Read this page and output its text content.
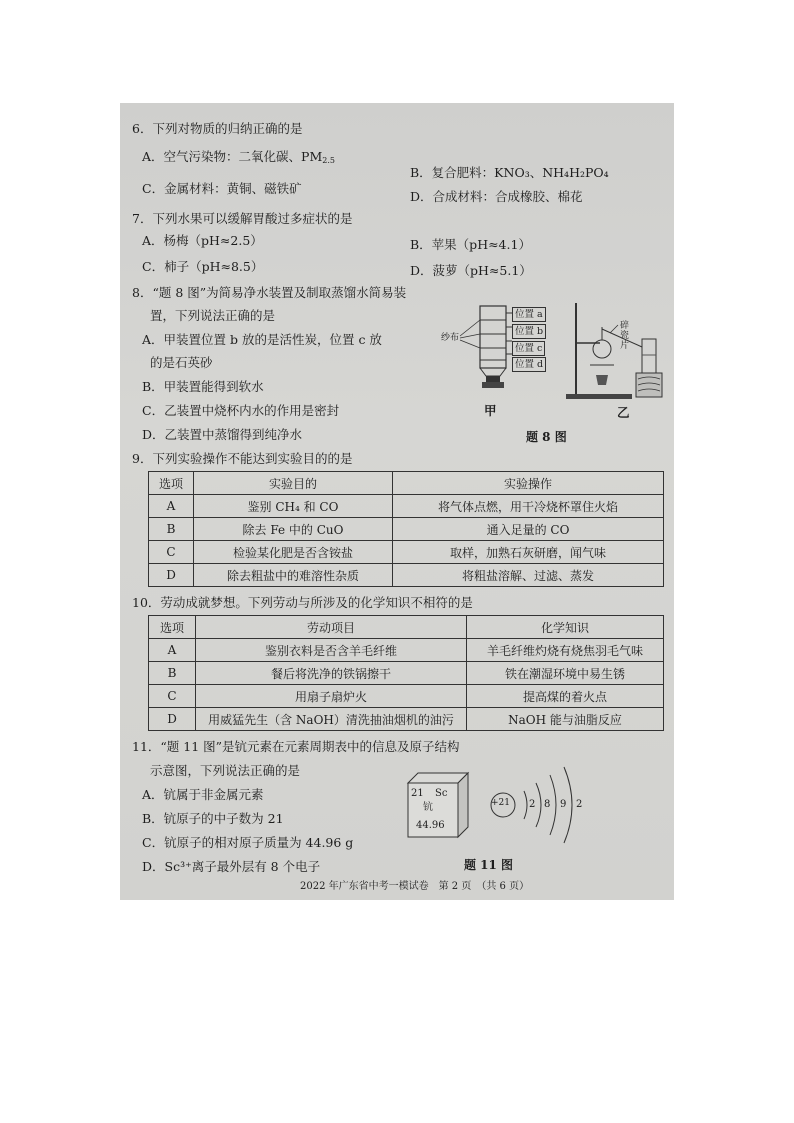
6．下列对物质的归纳正确的是
A．空气污染物：二氧化碳、$PM_{2.5}$
B．复合肥料：KNO₃、NH₄H₂PO₄
C．金属材料：黄铜、磁铁矿
D．合成材料：合成橡胶、棉花
7．下列水果可以缓解胃酸过多症状的是
A．杨梅（pH≈2.5）	B．苹果（pH≈4.1）
C．柿子（pH≈8.5）	D．菠萝（pH≈5.1）
8．“题 8 图”为简易净水装置及制取蒸馏水简易装
置，下列说法正确的是
A．甲装置位置 b 放的是活性炭，位置 c 放
的是石英砂
B．甲装置能得到软水
C．乙装置中烧杯内水的作用是密封
D．乙装置中蒸馏得到纯净水
纱布
位置 a
位置 b
位置 c
位置 d
碎瓷片
甲	乙
题 8 图
9．下列实验操作不能达到实验目的的是
选项	实验目的	实验操作
A	鉴别 CH₄ 和 CO	将气体点燃，用干冷烧杯罩住火焰
B	除去 Fe 中的 CuO	通入足量的 CO
C	检验某化肥是否含铵盐	取样，加熟石灰研磨，闻气味
D	除去粗盐中的难溶性杂质	将粗盐溶解、过滤、蒸发
10．劳动成就梦想。下列劳动与所涉及的化学知识不相符的是
选项	劳动项目	化学知识
A	鉴别衣料是否含羊毛纤维	羊毛纤维灼烧有烧焦羽毛气味
B	餐后将洗净的铁锅擦干	铁在潮湿环境中易生锈
C	用扇子扇炉火	提高煤的着火点
D	用威猛先生（含 NaOH）清洗抽油烟机的油污	NaOH 能与油脂反应
11．“题 11 图”是钪元素在元素周期表中的信息及原子结构
示意图，下列说法正确的是
A．钪属于非金属元素
B．钪原子的中子数为 21
C．钪原子的相对原子质量为 44.96 g
D．Sc³⁺离子最外层有 8 个电子
21 Sc
钪
44.96
+21 2 8 9 2
题 11 图
2022 年广东省中考一模试卷　第 2 页　（共 6 页）
